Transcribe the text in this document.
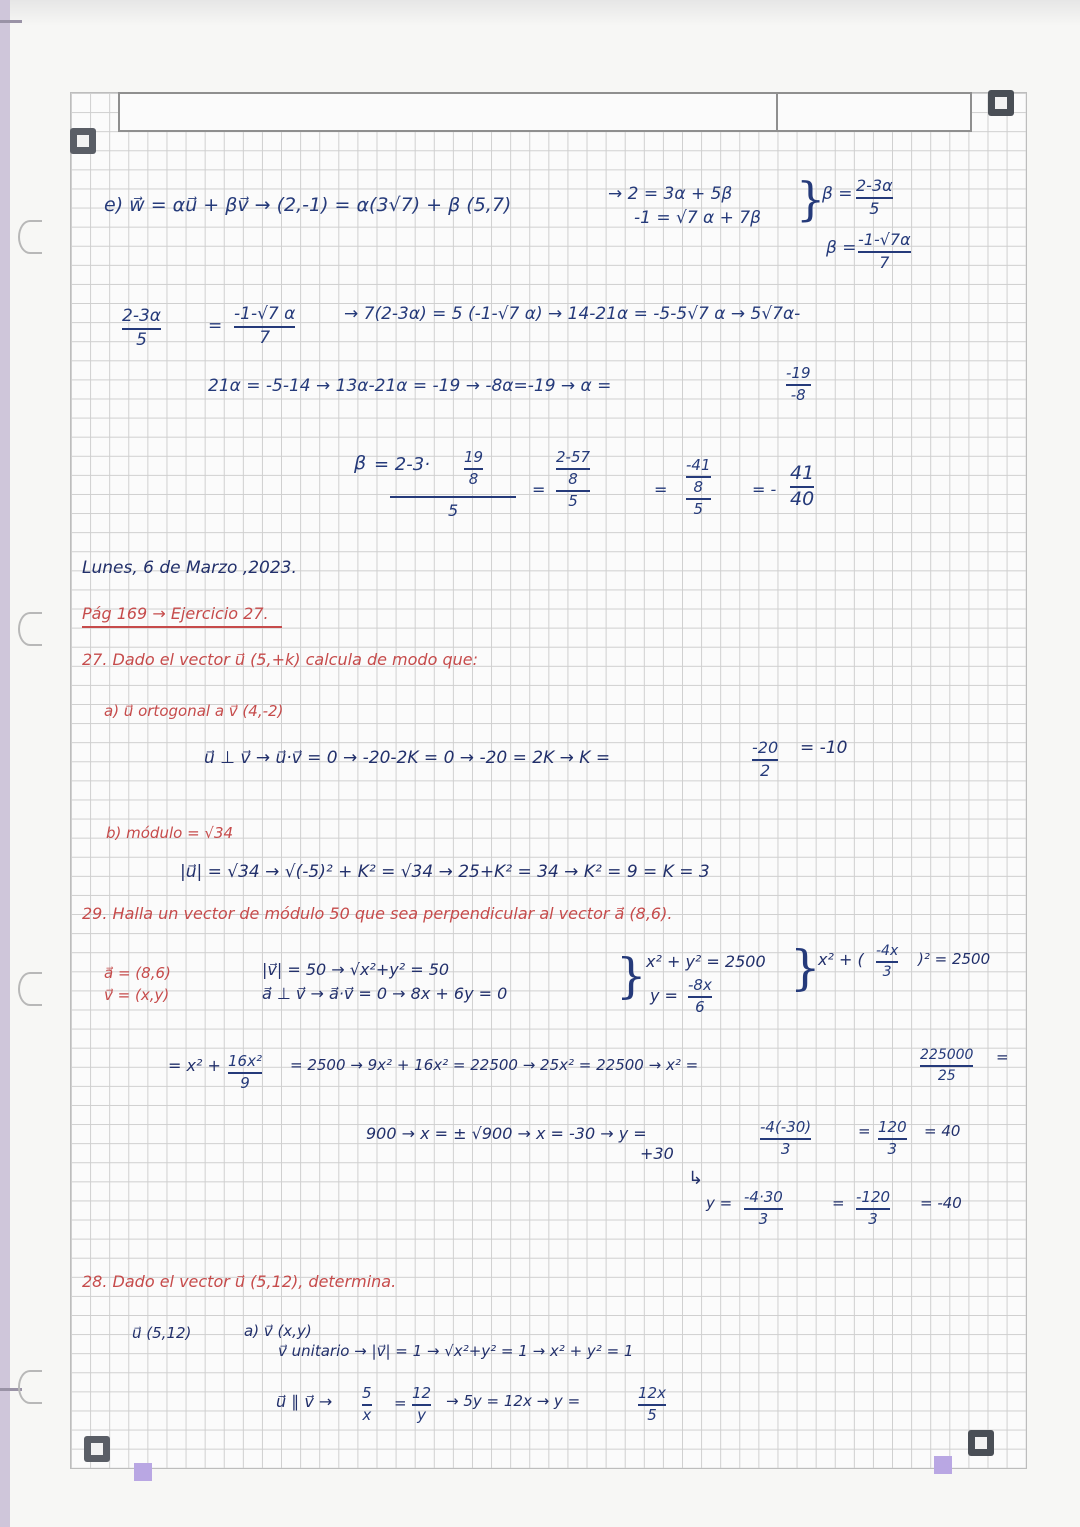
e) w⃗ = αu⃗ + βv⃗ → (2,-1) = α(3√7) + β (5,7)	→ 2 = 3α + 5β
-1 = √7 α + 7β }
β = 2-3α
5
β = -1-√7α
7
2-3α
5
=
-1-√7 α
7
→ 7(2-3α) = 5 (-1-√7 α) → 14-21α = -5-5√7 α → 5√7α-
21α = -5-14 → 13α-21α = -19 → -8α=-19 → α =
-19
-8
β = 2-3· 19
8
5
=
2-57
8
5
=
-41
8
5
= -
41
40
Lunes, 6 de Marzo ,2023.
Pág 169 → Ejercicio 27.
27. Dado el vector u⃗ (5,+k) calcula de modo que:
a) u⃗ ortogonal a v⃗ (4,-2)
u⃗ ⊥ v⃗ → u⃗·v⃗ = 0 → -20-2K = 0 → -20 = 2K → K =
-20
2
= -10
b) módulo = √34
|u⃗| = √34 → √(-5)² + K² = √34 → 25+K² = 34 → K² = 9 = K = 3
29. Halla un vector de módulo 50 que sea perpendicular al vector a⃗ (8,6).
a⃗ = (8,6)
v⃗ = (x,y)
|v⃗| = 50 → √x²+y² = 50
a⃗ ⊥ v⃗ → a⃗·v⃗ = 0 → 8x + 6y = 0 } x² + y² = 2500
y =
-8x
6
}
x² + ( -4x
3
)² = 2500
= x² + 16x²
9
= 2500 → 9x² + 16x² = 22500 → 25x² = 22500 → x² =
225000
25
=
900 → x = ± √900 → x = -30 → y =
+30
-4(-30)
3
= 120
3
= 40
↳
y = -4·30
3
= -120
3
= -40
28. Dado el vector u⃗ (5,12), determina.
u⃗ (5,12)	a) v⃗ (x,y)
v⃗ unitario → |v⃗| = 1 → √x²+y² = 1 → x² + y² = 1
u⃗ ∥ v⃗ → 5
x
=
12
y
→ 5y = 12x → y =	12x
5
